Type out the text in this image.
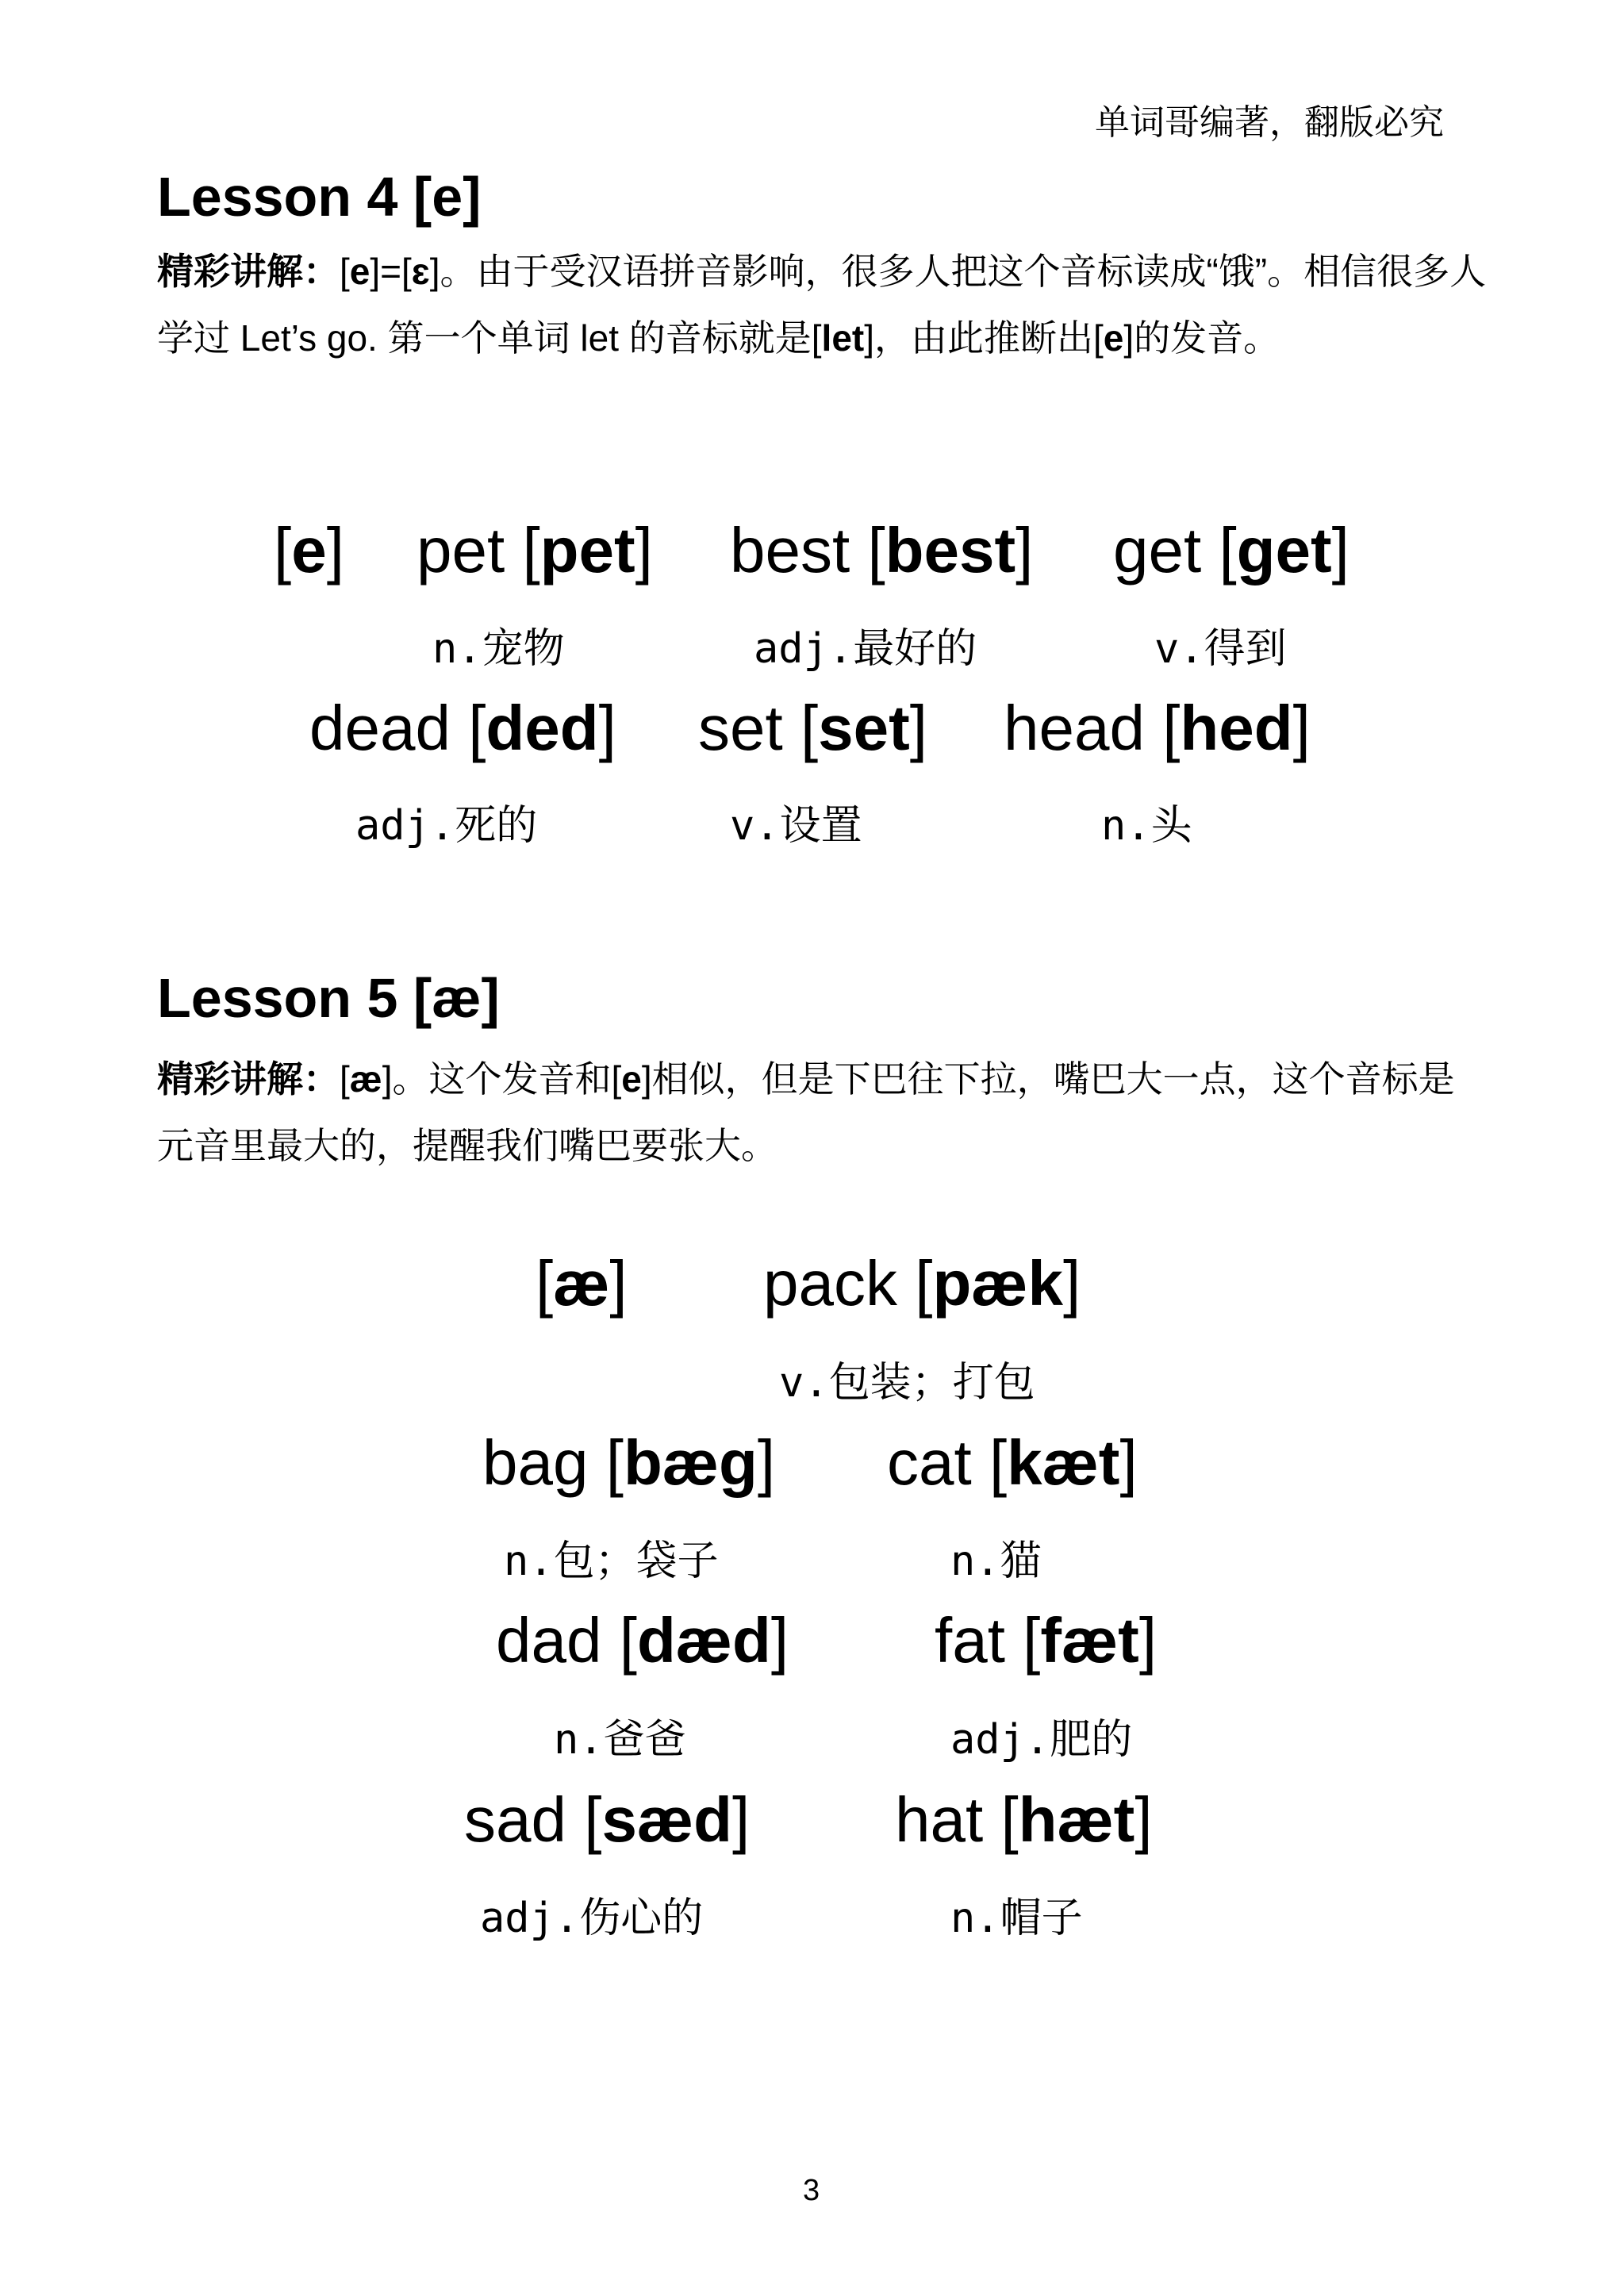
单词哥编著，翻版必究
Lesson 4 [e]
精彩讲解：[e]=[ɛ]。由于受汉语拼音影响，很多人把这个音标读成“饿”。相信很多人学过 Let’s go. 第一个单词 let 的音标就是[let]，由此推断出[e]的发音。
[e] pet [pet] best [best] get [get]
n.宠物	adj.最好的	v.得到
dead [ded] set [set] head [hed]
adj.死的	v.设置	n.头
Lesson 5 [æ]
精彩讲解：[æ]。这个发音和[e]相似，但是下巴往下拉，嘴巴大一点，这个音标是元音里最大的，提醒我们嘴巴要张大。
[æ] pack [pæk]
v.包装；打包
bag [bæg] cat [kæt]
n.包；袋子	n.猫
dad [dæd] fat [fæt]
n.爸爸	adj.肥的
sad [sæd] hat [hæt]
adj.伤心的	n.帽子
3
